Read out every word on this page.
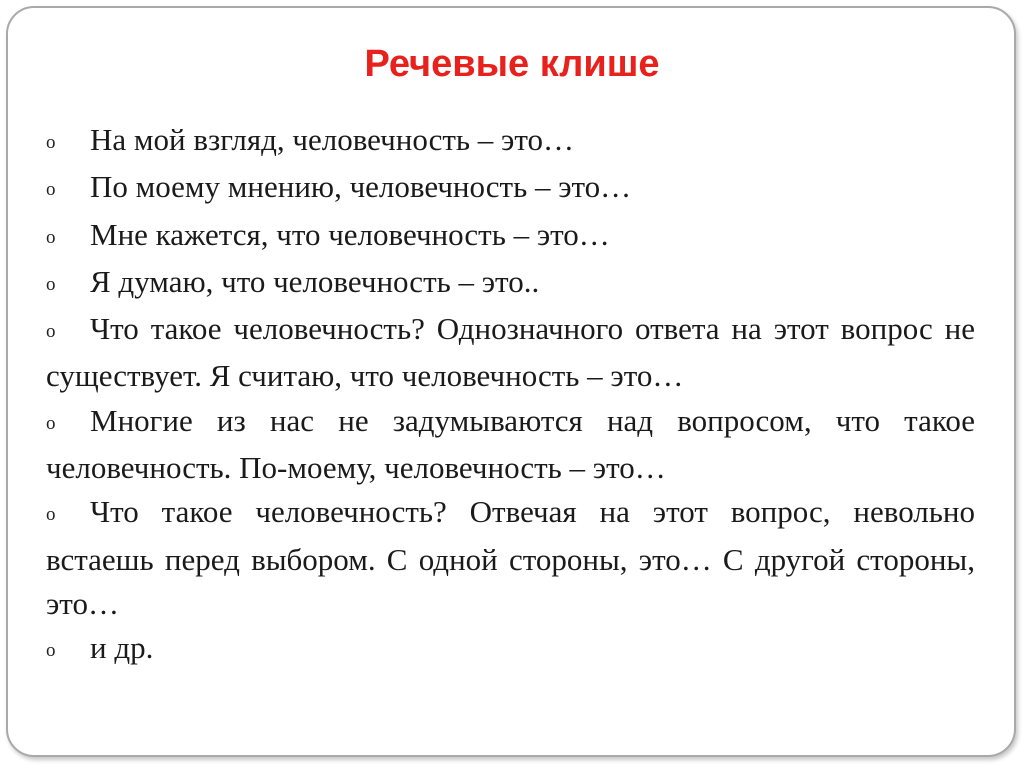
Речевые клише
o На мой взгляд, человечность – это…
o По моему мнению, человечность – это…
o Мне кажется, что человечность – это…
o Я думаю, что человечность – это..
o Что такое человечность? Однозначного ответа на этот вопрос не существует. Я считаю, что человечность – это…
o Многие из нас не задумываются над вопросом, что такое человечность. По-моему, человечность – это…
o Что такое человечность? Отвечая на этот вопрос, невольно встаешь перед выбором. С одной стороны, это… С другой стороны, это…
o и др.
